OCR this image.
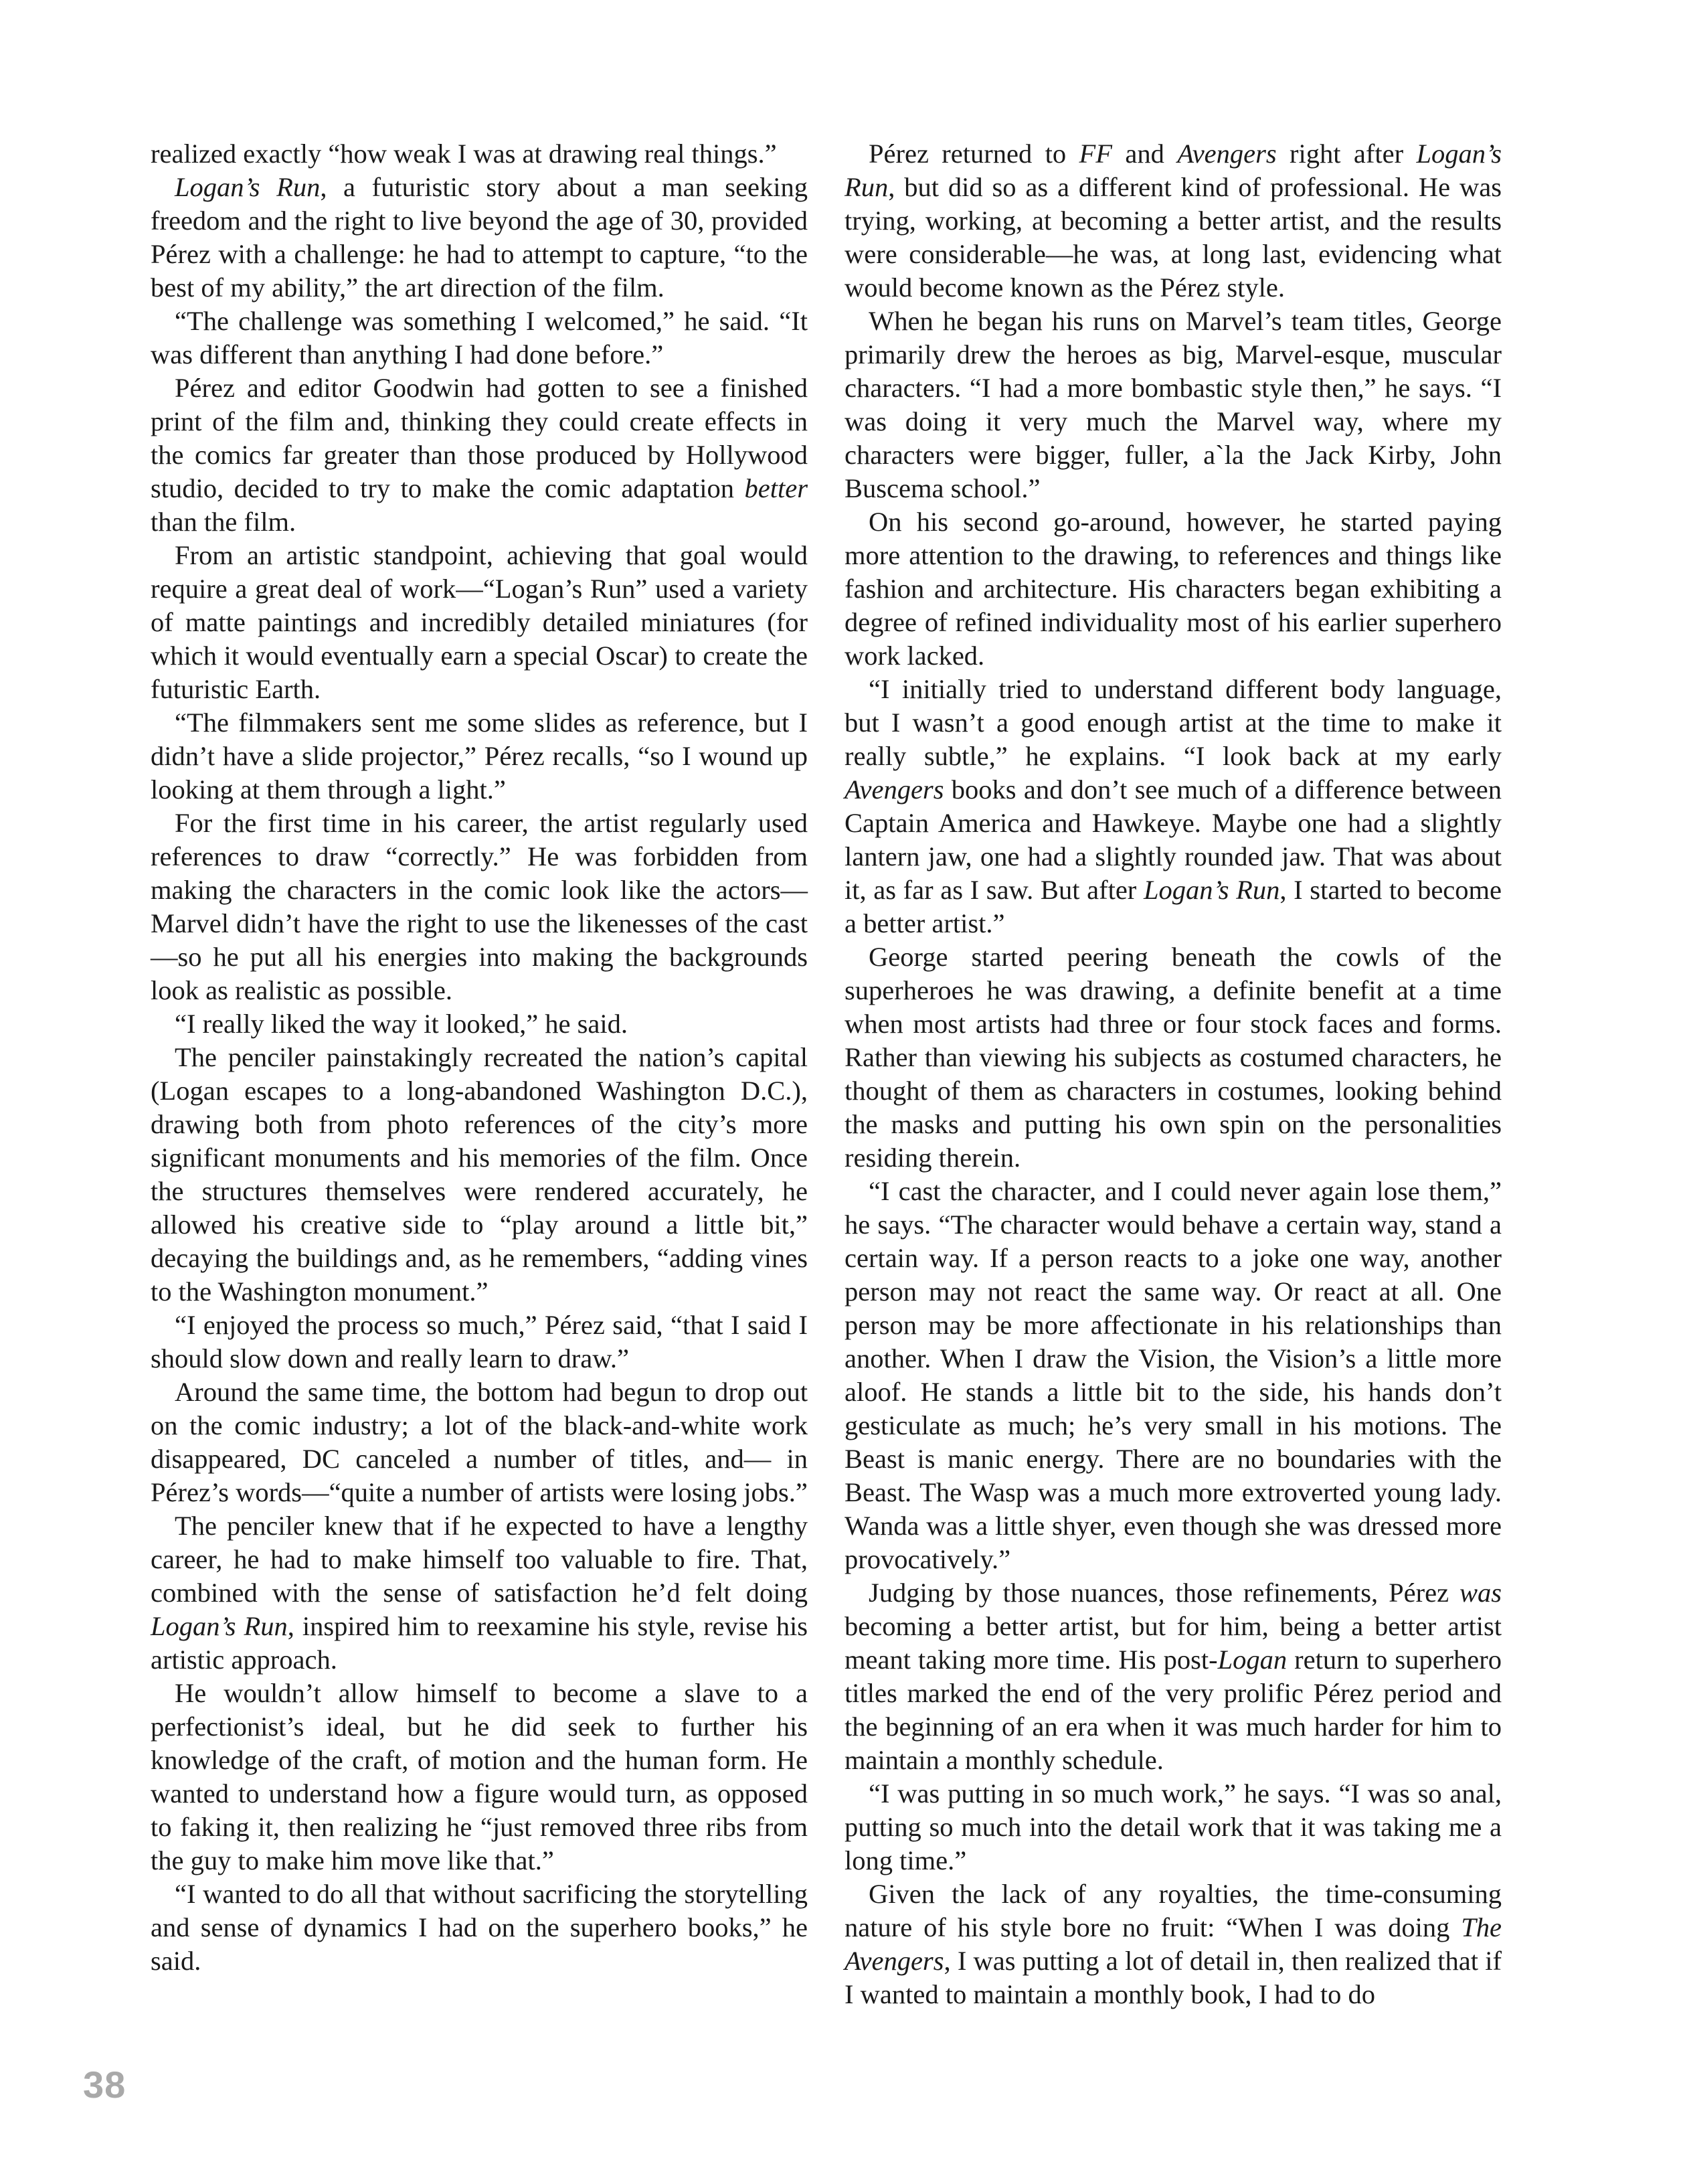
realized exactly “how weak I was at drawing real things.”

Logan’s Run, a futuristic story about a man seeking freedom and the right to live beyond the age of 30, provided Pérez with a challenge: he had to attempt to capture, “to the best of my ability,” the art direction of the film.

“The challenge was something I welcomed,” he said. “It was different than anything I had done before.”

Pérez and editor Goodwin had gotten to see a finished print of the film and, thinking they could create effects in the comics far greater than those produced by Hollywood studio, decided to try to make the comic adaptation better than the film.

From an artistic standpoint, achieving that goal would require a great deal of work—“Logan’s Run” used a variety of matte paintings and incredibly detailed miniatures (for which it would eventually earn a special Oscar) to create the futuristic Earth.

“The filmmakers sent me some slides as reference, but I didn’t have a slide projector,” Pérez recalls, “so I wound up looking at them through a light.”

For the first time in his career, the artist regularly used references to draw “correctly.” He was forbidden from making the characters in the comic look like the actors—Marvel didn’t have the right to use the likenesses of the cast—so he put all his energies into making the backgrounds look as realistic as possible.

“I really liked the way it looked,” he said.

The penciler painstakingly recreated the nation’s capital (Logan escapes to a long-abandoned Washington D.C.), drawing both from photo references of the city’s more significant monuments and his memories of the film. Once the structures themselves were rendered accurately, he allowed his creative side to “play around a little bit,” decaying the buildings and, as he remembers, “adding vines to the Washington monument.”

“I enjoyed the process so much,” Pérez said, “that I said I should slow down and really learn to draw.”

Around the same time, the bottom had begun to drop out on the comic industry; a lot of the black-and-white work disappeared, DC canceled a number of titles, and— in Pérez’s words—“quite a number of artists were losing jobs.”

The penciler knew that if he expected to have a lengthy career, he had to make himself too valuable to fire. That, combined with the sense of satisfaction he’d felt doing Logan’s Run, inspired him to reexamine his style, revise his artistic approach.

He wouldn’t allow himself to become a slave to a perfectionist’s ideal, but he did seek to further his knowledge of the craft, of motion and the human form. He wanted to understand how a figure would turn, as opposed to faking it, then realizing he “just removed three ribs from the guy to make him move like that.”

“I wanted to do all that without sacrificing the storytelling and sense of dynamics I had on the superhero books,” he said.

Pérez returned to FF and Avengers right after Logan’s Run, but did so as a different kind of professional. He was trying, working, at becoming a better artist, and the results were considerable—he was, at long last, evidencing what would become known as the Pérez style.

When he began his runs on Marvel’s team titles, George primarily drew the heroes as big, Marvel-esque, muscular characters. “I had a more bombastic style then,” he says. “I was doing it very much the Marvel way, where my characters were bigger, fuller, a`la the Jack Kirby, John Buscema school.”

On his second go-around, however, he started paying more attention to the drawing, to references and things like fashion and architecture. His characters began exhibiting a degree of refined individuality most of his earlier superhero work lacked.

“I initially tried to understand different body language, but I wasn’t a good enough artist at the time to make it really subtle,” he explains. “I look back at my early Avengers books and don’t see much of a difference between Captain America and Hawkeye. Maybe one had a slightly lantern jaw, one had a slightly rounded jaw. That was about it, as far as I saw. But after Logan’s Run, I started to become a better artist.”

George started peering beneath the cowls of the superheroes he was drawing, a definite benefit at a time when most artists had three or four stock faces and forms. Rather than viewing his subjects as costumed characters, he thought of them as characters in costumes, looking behind the masks and putting his own spin on the personalities residing therein.

“I cast the character, and I could never again lose them,” he says. “The character would behave a certain way, stand a certain way. If a person reacts to a joke one way, another person may not react the same way. Or react at all. One person may be more affectionate in his relationships than another. When I draw the Vision, the Vision’s a little more aloof. He stands a little bit to the side, his hands don’t gesticulate as much; he’s very small in his motions. The Beast is manic energy. There are no boundaries with the Beast. The Wasp was a much more extroverted young lady. Wanda was a little shyer, even though she was dressed more provocatively.”

Judging by those nuances, those refinements, Pérez was becoming a better artist, but for him, being a better artist meant taking more time. His post-Logan return to superhero titles marked the end of the very prolific Pérez period and the beginning of an era when it was much harder for him to maintain a monthly schedule.

“I was putting in so much work,” he says. “I was so anal, putting so much into the detail work that it was taking me a long time.”

Given the lack of any royalties, the time-consuming nature of his style bore no fruit: “When I was doing The Avengers, I was putting a lot of detail in, then realized that if I wanted to maintain a monthly book, I had to do

38
